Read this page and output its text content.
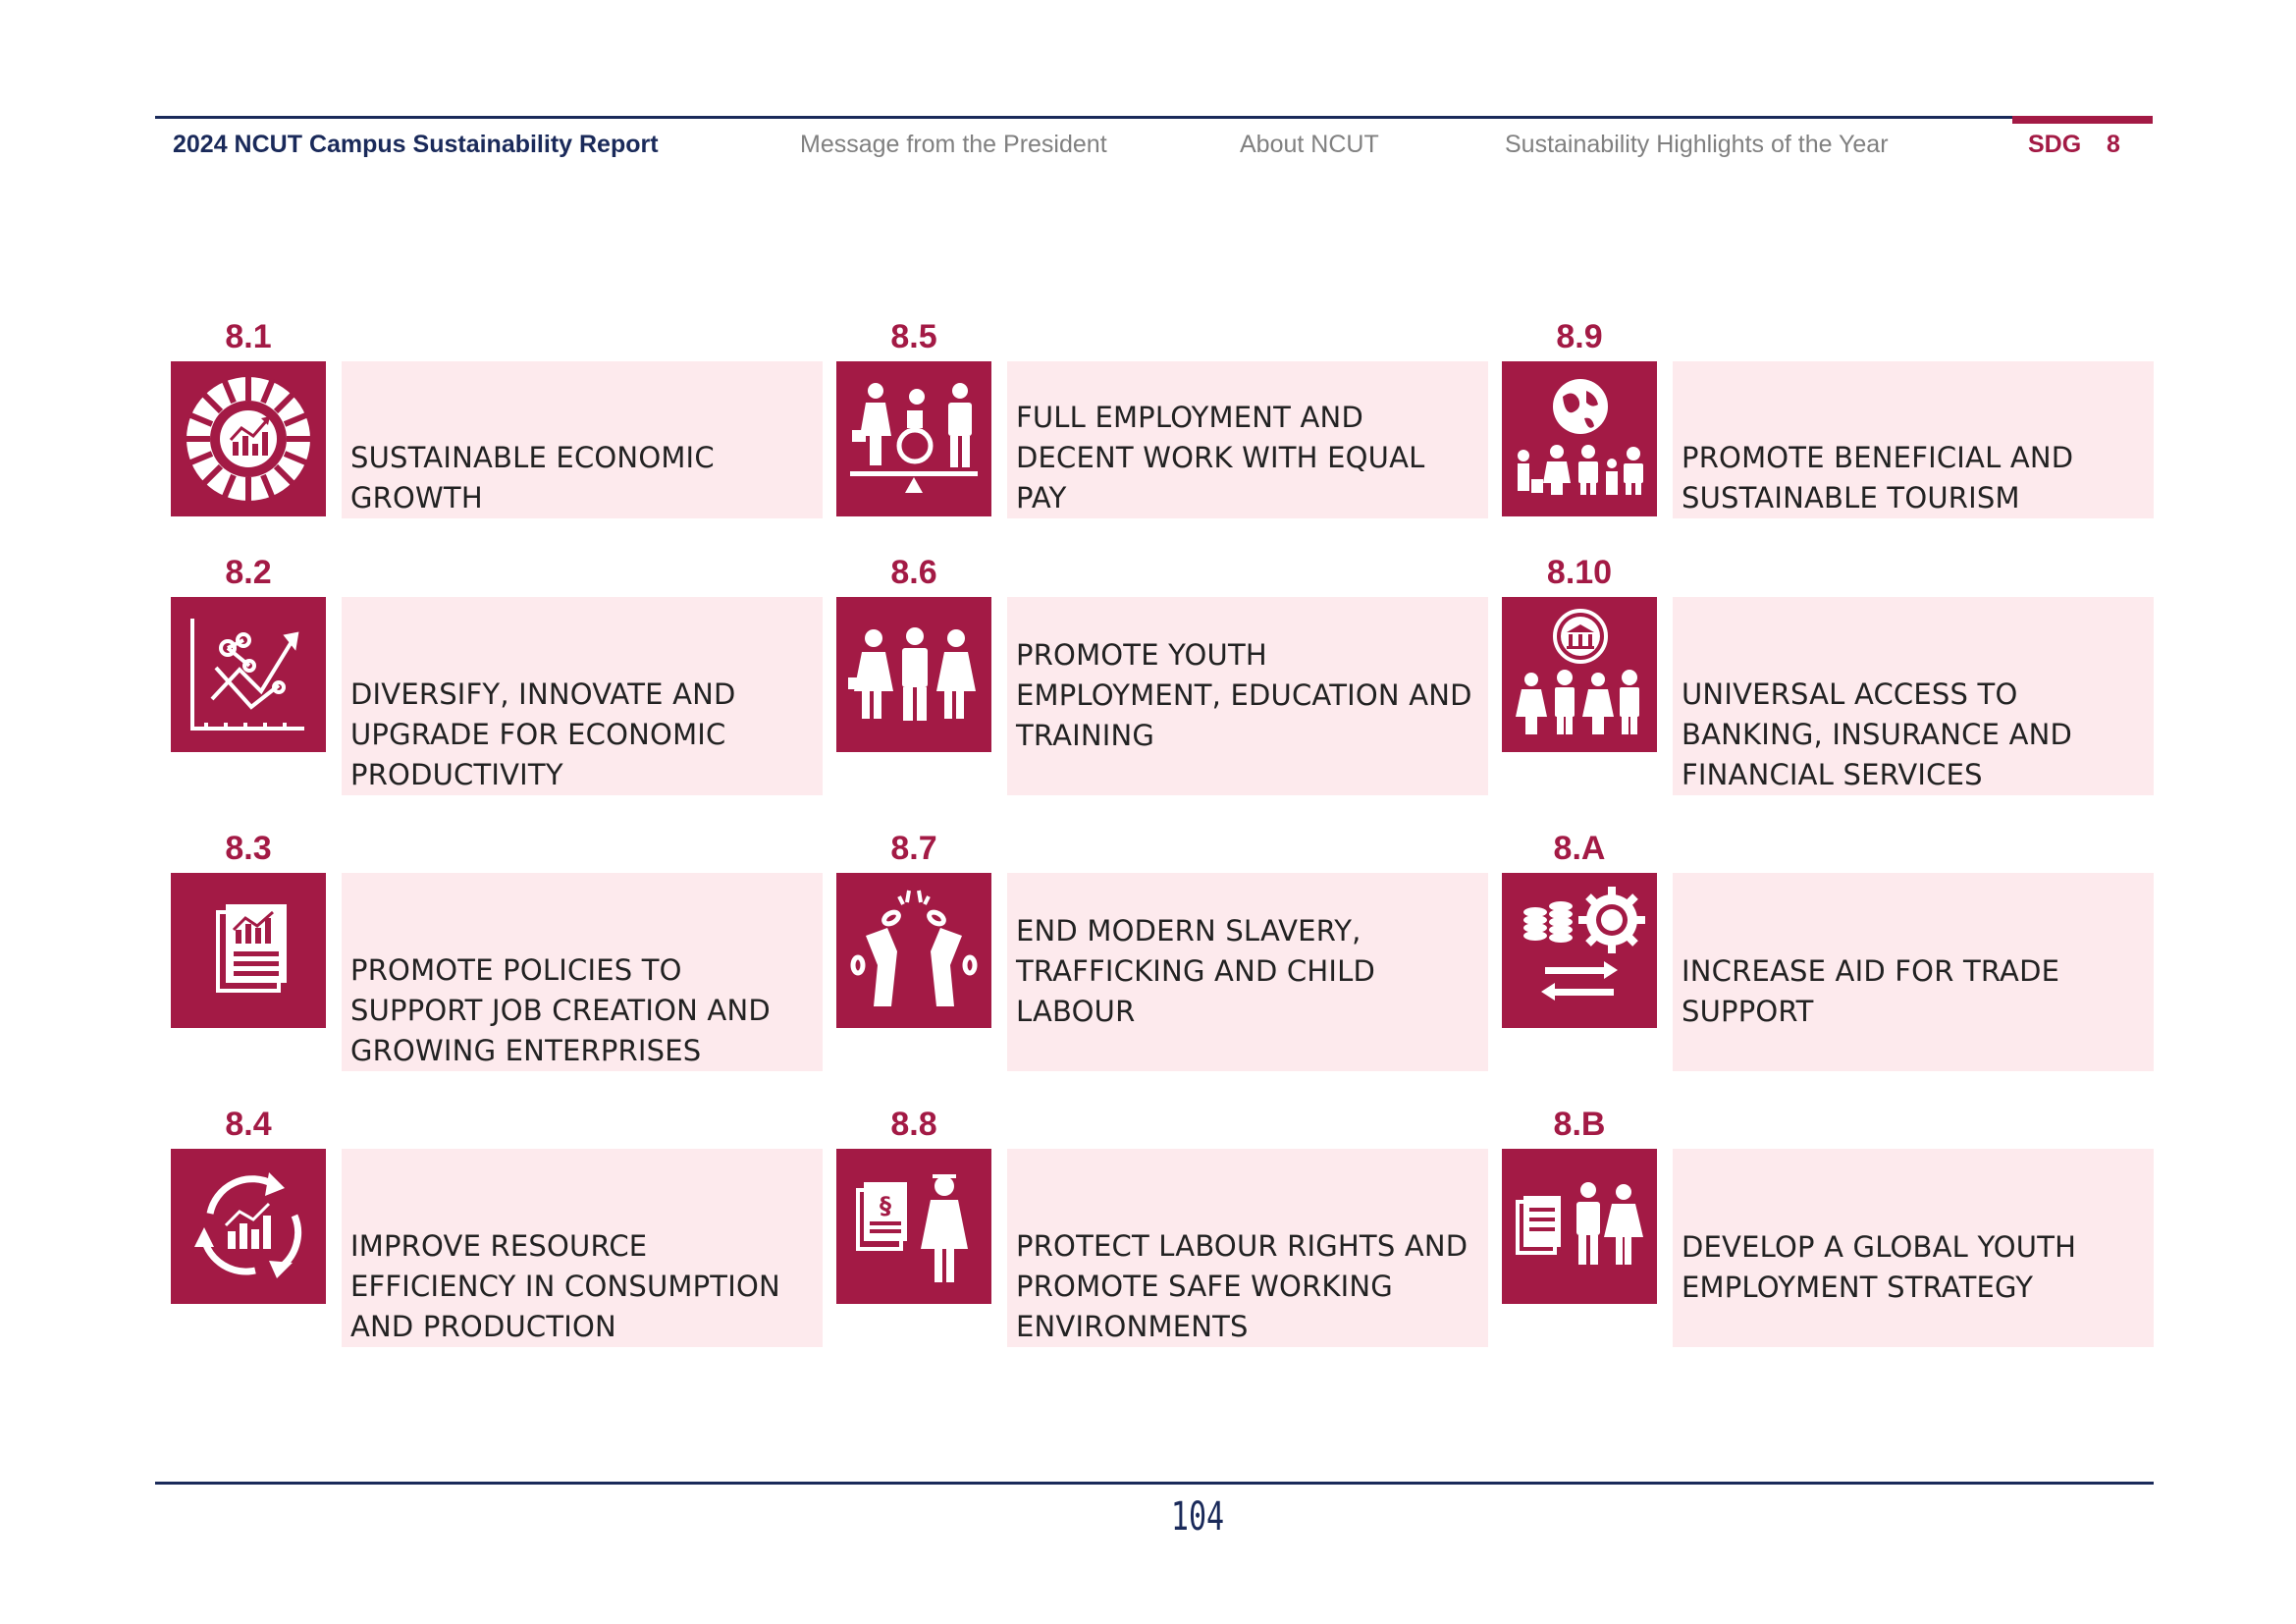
2024 NCUT Campus Sustainability Report	Message from the President	About NCUT	Sustainability Highlights of the Year	SDG 8
8.1
SUSTAINABLE ECONOMIC GROWTH
8.2
DIVERSIFY, INNOVATE AND UPGRADE FOR ECONOMIC PRODUCTIVITY
8.3
PROMOTE POLICIES TO SUPPORT JOB CREATION AND GROWING ENTERPRISES
8.4
IMPROVE RESOURCE EFFICIENCY IN CONSUMPTION AND PRODUCTION
8.5
FULL EMPLOYMENT AND DECENT WORK WITH EQUAL PAY
8.6
PROMOTE YOUTH EMPLOYMENT, EDUCATION AND TRAINING
8.7
END MODERN SLAVERY, TRAFFICKING AND CHILD LABOUR
8.8
§
PROTECT LABOUR RIGHTS AND PROMOTE SAFE WORKING ENVIRONMENTS
8.9
PROMOTE BENEFICIAL AND SUSTAINABLE TOURISM
8.10
UNIVERSAL ACCESS TO BANKING, INSURANCE AND FINANCIAL SERVICES
8.A
INCREASE AID FOR TRADE SUPPORT
8.B
DEVELOP A GLOBAL YOUTH EMPLOYMENT STRATEGY
104
